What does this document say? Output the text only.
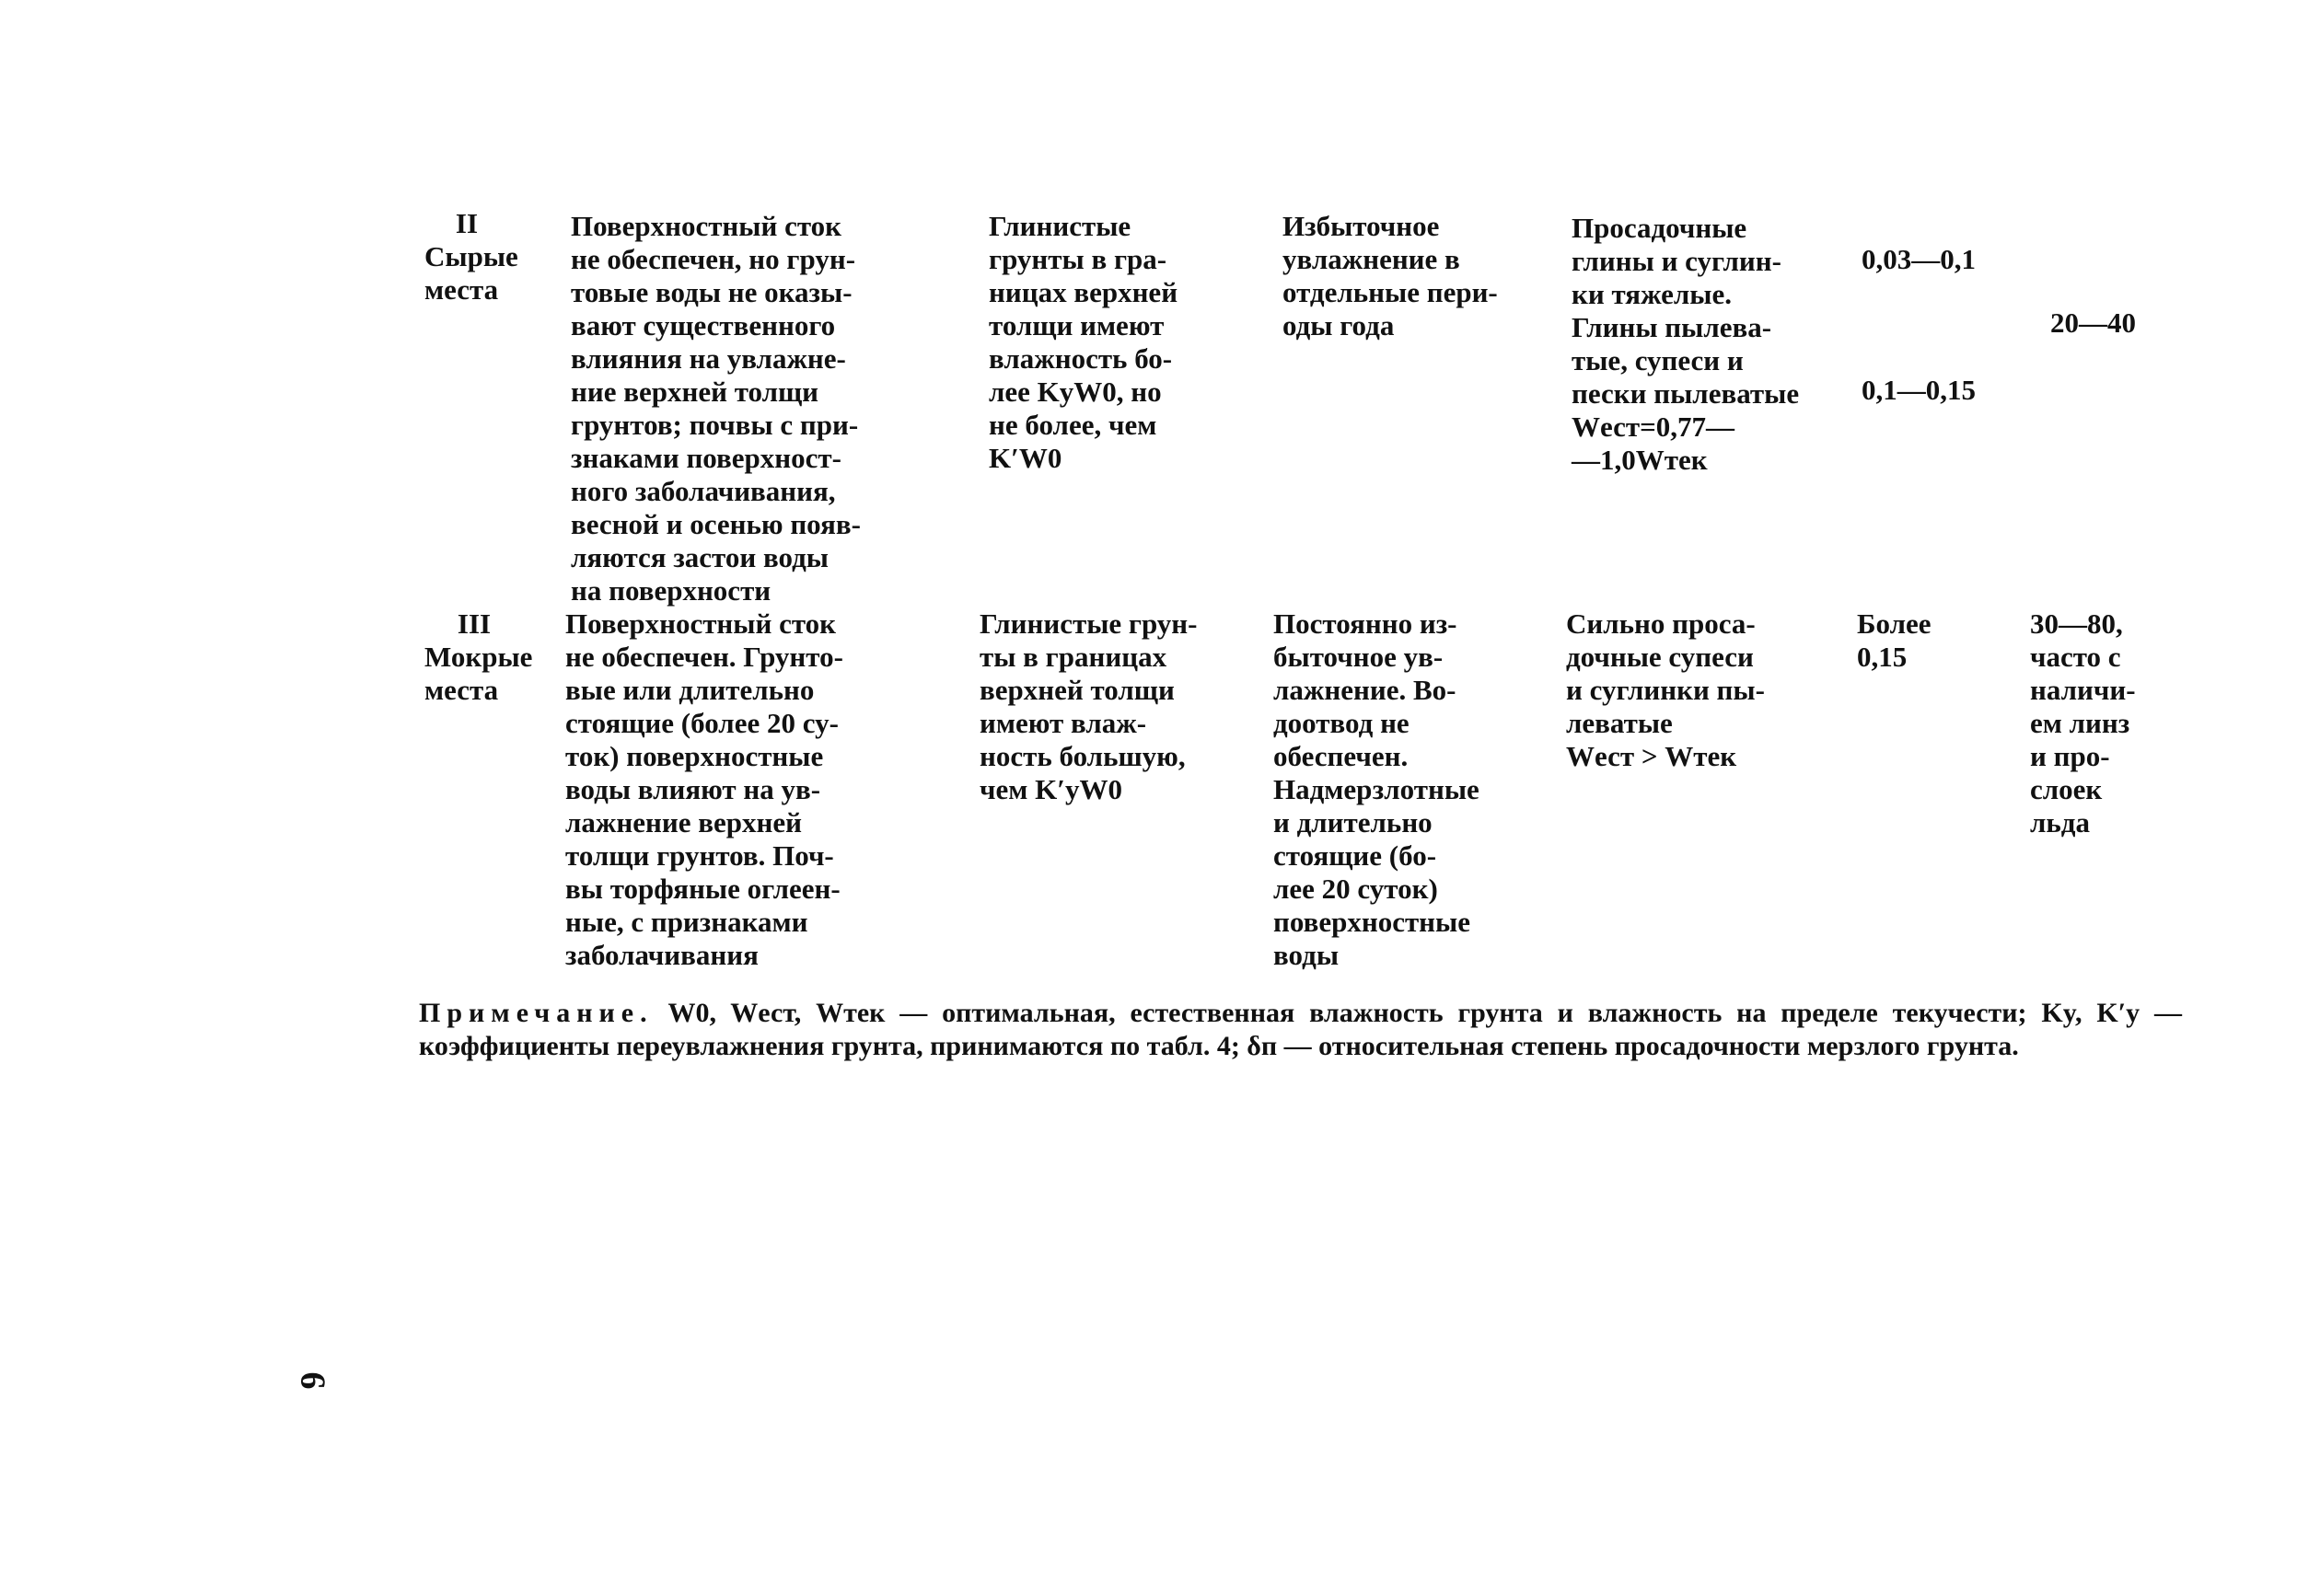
II
Сырые
места
Поверхностный сток
не обеспечен, но грун-
товые воды не оказы-
вают существенного
влияния на увлажне-
ние верхней толщи
грунтов; почвы с при-
знаками поверхност-
ного заболачивания,
весной и осенью появ-
ляются застои воды
на поверхности
Глинистые
грунты в гра-
ницах верхней
толщи имеют
влажность бо-
лее KyW0, но
не более, чем
K′W0
Избыточное
увлажнение в
отдельные пери-
оды года
Просадочные
глины и суглин-
ки тяжелые.
Глины пылева-
тые, супеси и
пески пылеватые
Wест=0,77—
—1,0Wтек
0,03—0,1
0,1—0,15
20—40
III
Мокрые
места
Поверхностный сток
не обеспечен. Грунто-
вые или длительно
стоящие (более 20 су-
ток) поверхностные
воды влияют на ув-
лажнение верхней
толщи грунтов. Поч-
вы торфяные оглеен-
ные, с признаками
заболачивания
Глинистые грун-
ты в границах
верхней толщи
имеют влаж-
ность большую,
чем K′yW0
Постоянно из-
быточное ув-
лажнение. Во-
доотвод не
обеспечен.
Надмерзлотные
и длительно
стоящие (бо-
лее 20 суток)
поверхностные
воды
Сильно проса-
дочные супеси
и суглинки пы-
леватые
Wест > Wтек
Более
0,15
30—80,
часто с
наличи-
ем линз
и про-
слоек
льда
Примечание. W0, Wест, Wтек — оптимальная, естественная влажность грунта и влажность на пределе текучести; Ky, K′y — коэффициенты переувлажнения грунта, принимаются по табл. 4; δп — относительная степень просадочности мерзлого грунта.
6
